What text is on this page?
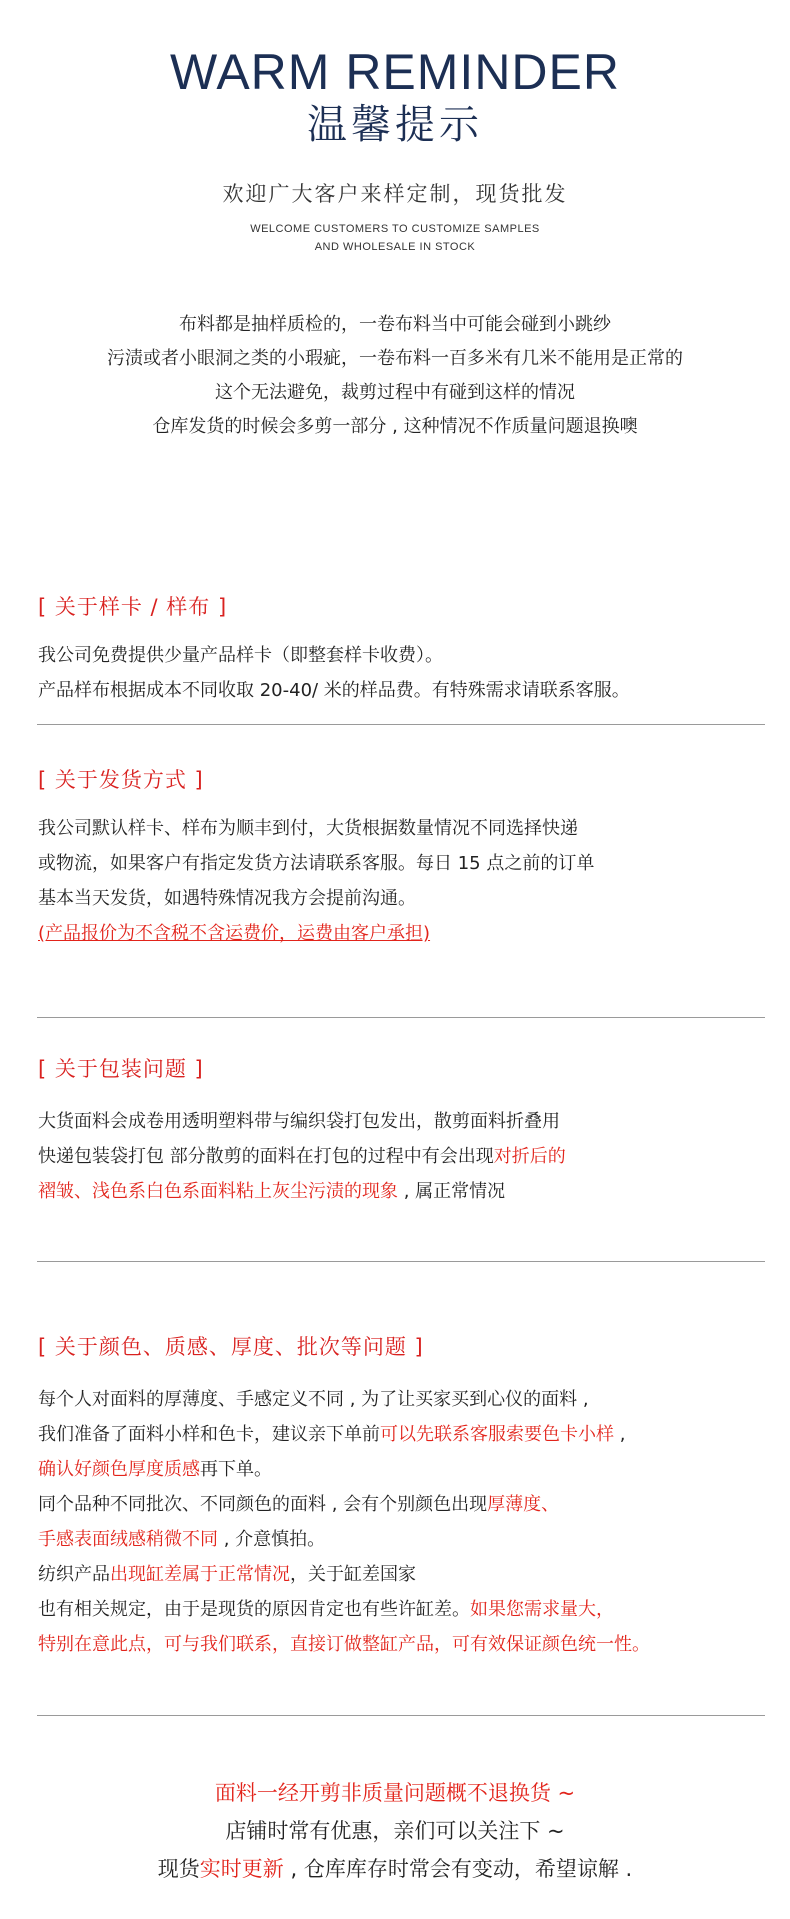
WARM REMINDER
温馨提示
欢迎广大客户来样定制，现货批发
WELCOME CUSTOMERS TO CUSTOMIZE SAMPLES
AND WHOLESALE IN STOCK
布料都是抽样质检的，一卷布料当中可能会碰到小跳纱
污渍或者小眼洞之类的小瑕疵，一卷布料一百多米有几米不能用是正常的
这个无法避免，裁剪过程中有碰到这样的情况
仓库发货的时候会多剪一部分 , 这种情况不作质量问题退换噢
[ 关于样卡 / 样布 ]
我公司免费提供少量产品样卡（即整套样卡收费）。
产品样布根据成本不同收取 20-40/ 米的样品费。有特殊需求请联系客服。
[ 关于发货方式 ]
我公司默认样卡、样布为顺丰到付，大货根据数量情况不同选择快递
或物流，如果客户有指定发货方法请联系客服。每日 15 点之前的订单
基本当天发货，如遇特殊情况我方会提前沟通。
(产品报价为不含税不含运费价，运费由客户承担)
[ 关于包装问题 ]
大货面料会成卷用透明塑料带与编织袋打包发出，散剪面料折叠用
快递包装袋打包 部分散剪的面料在打包的过程中有会出现对折后的
褶皱、浅色系白色系面料粘上灰尘污渍的现象 , 属正常情况
[ 关于颜色、质感、厚度、批次等问题 ]
每个人对面料的厚薄度、手感定义不同 , 为了让买家买到心仪的面料 ,
我们准备了面料小样和色卡，建议亲下单前可以先联系客服索要色卡小样 ,
确认好颜色厚度质感再下单。
同个品种不同批次、不同颜色的面料 , 会有个别颜色出现厚薄度、
手感表面绒感稍微不同 , 介意慎拍。
纺织产品出现缸差属于正常情况，关于缸差国家
也有相关规定，由于是现货的原因肯定也有些许缸差。如果您需求量大，
特别在意此点，可与我们联系，直接订做整缸产品，可有效保证颜色统一性。
面料一经开剪非质量问题概不退换货 ~
店铺时常有优惠，亲们可以关注下 ~
现货实时更新 , 仓库库存时常会有变动，希望谅解 .
